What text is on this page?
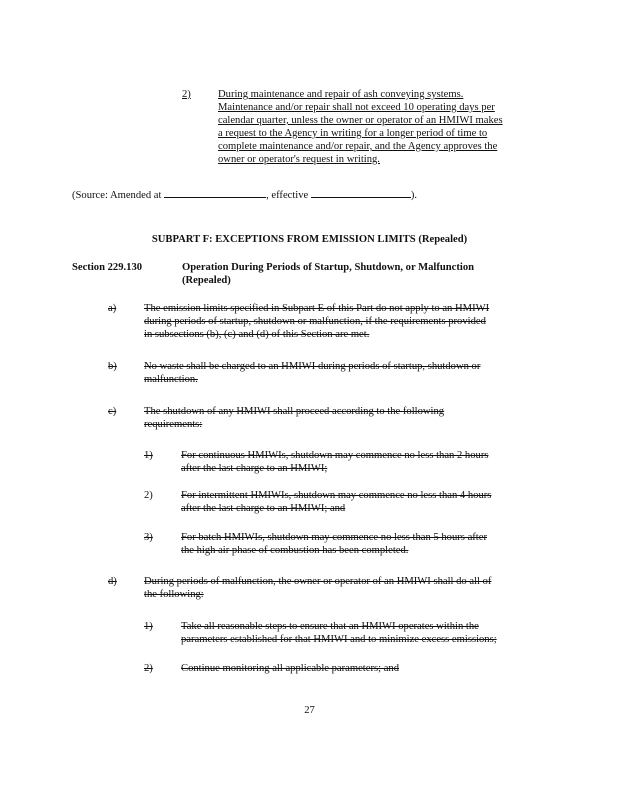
2)	During maintenance and repair of ash conveying systems.
Maintenance and/or repair shall not exceed 10 operating days per
calendar quarter, unless the owner or operator of an HMIWI makes
a request to the Agency in writing for a longer period of time to
complete maintenance and/or repair, and the Agency approves the
owner or operator's request in writing.
(Source: Amended at	, effective	).
SUBPART F: EXCEPTIONS FROM EMISSION LIMITS (Repealed)
Section 229.130	Operation During Periods of Startup, Shutdown, or Malfunction
(Repealed)
a)	The emission limits specified in Subpart E of this Part do not apply to an HMIWI
during periods of startup, shutdown or malfunction, if the requirements provided
in subsections (b), (c) and (d) of this Section are met.
b)	No waste shall be charged to an HMIWI during periods of startup, shutdown or
malfunction.
c)	The shutdown of any HMIWI shall proceed according to the following
requirements:
1)	For continuous HMIWIs, shutdown may commence no less than 2 hours
after the last charge to an HMIWI;
2)	For intermittent HMIWIs, shutdown may commence no less than 4 hours
after the last charge to an HMIWI; and
3)	For batch HMIWIs, shutdown may commence no less than 5 hours after
the high air phase of combustion has been completed.
d)	During periods of malfunction, the owner or operator of an HMIWI shall do all of
the following:
1)	Take all reasonable steps to ensure that an HMIWI operates within the
parameters established for that HMIWI and to minimize excess emissions;
2)	Continue monitoring all applicable parameters; and
27
